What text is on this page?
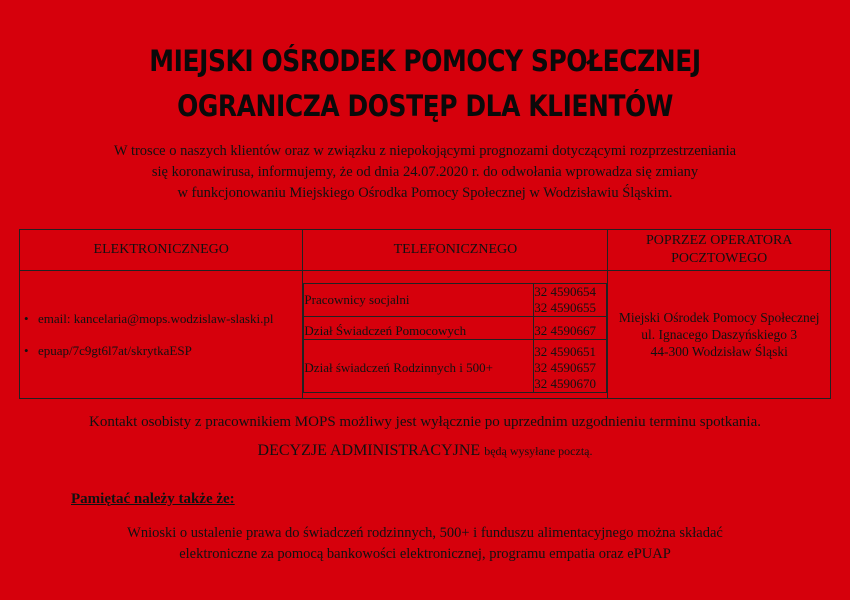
MIEJSKI OŚRODEK POMOCY SPOŁECZNEJ
OGRANICZA DOSTĘP DLA KLIENTÓW
W trosce o naszych klientów oraz w związku z niepokojącymi prognozami dotyczącymi rozprzestrzeniania
się koronawirusa, informujemy, że od dnia 24.07.2020 r. do odwołania wprowadza się zmiany
w funkcjonowaniu Miejskiego Ośrodka Pomocy Społecznej w Wodzisławiu Śląskim.
ELEKTRONICZNEGO	TELEFONICZNEGO	POPRZEZ OPERATORA POCZTOWEGO

• email: kancelaria@mops.wodzislaw-slaski.pl
• epuap/7c9gt6l7at/skrytkaESP

Pracownicy socjalni	32 4590654
32 4590655
Dział Świadczeń Pomocowych	32 4590667
Dział świadczeń Rodzinnych i 500+	32 4590651
32 4590657
32 4590670

Miejski Ośrodek Pomocy Społecznej
ul. Ignacego Daszyńskiego 3
44-300 Wodzisław Śląski
Kontakt osobisty z pracownikiem MOPS możliwy jest wyłącznie po uprzednim uzgodnieniu terminu spotkania.
DECYZJE ADMINISTRACYJNE będą wysyłane pocztą.
Pamiętać należy także że:
Wnioski o ustalenie prawa do świadczeń rodzinnych, 500+ i funduszu alimentacyjnego można składać
elektroniczne za pomocą bankowości elektronicznej, programu empatia oraz ePUAP
